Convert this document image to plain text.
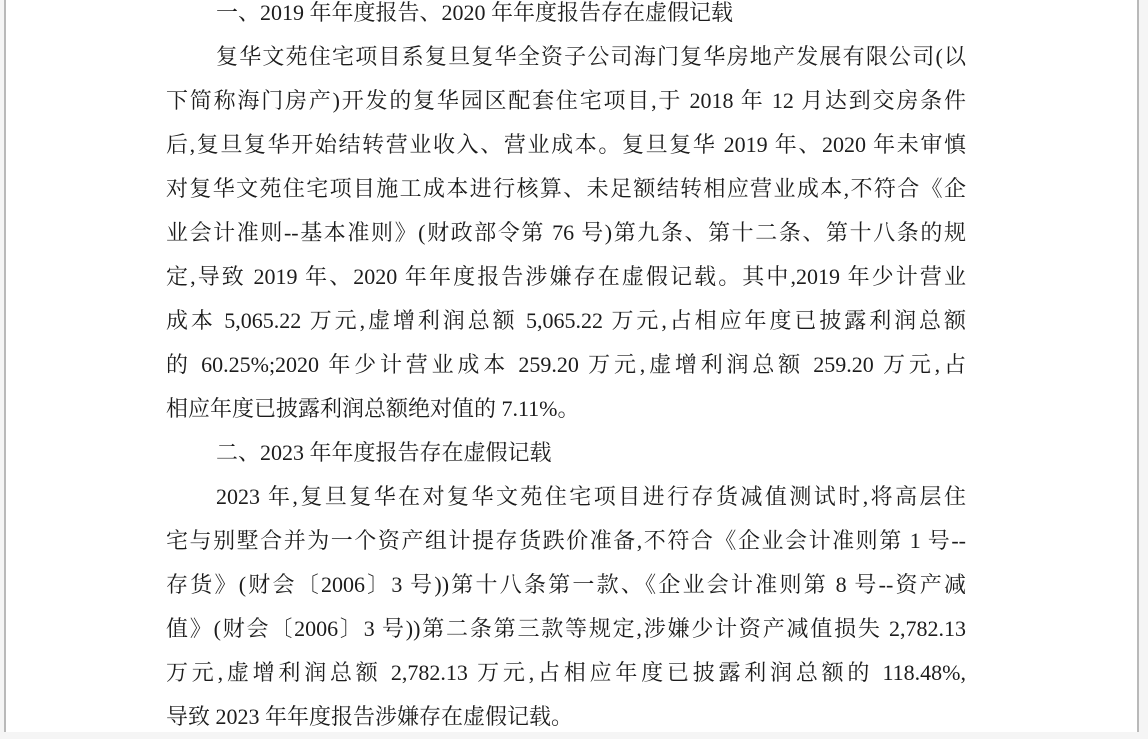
一、2019 年年度报告、2020 年年度报告存在虚假记载
复华文苑住宅项目系复旦复华全资子公司海门复华房地产发展有限公司(以
下简称海门房产)开发的复华园区配套住宅项目,于 2018 年 12 月达到交房条件
后,复旦复华开始结转营业收入、营业成本。复旦复华 2019 年、2020 年未审慎
对复华文苑住宅项目施工成本进行核算、未足额结转相应营业成本,不符合《企
业会计准则--基本准则》(财政部令第 76 号)第九条、第十二条、第十八条的规
定,导致 2019 年、2020 年年度报告涉嫌存在虚假记载。其中,2019 年少计营业
成本 5,065.22 万元,虚增利润总额 5,065.22 万元,占相应年度已披露利润总额
的 60.25%;2020 年少计营业成本 259.20 万元,虚增利润总额 259.20 万元,占
相应年度已披露利润总额绝对值的 7.11%。
二、2023 年年度报告存在虚假记载
2023 年,复旦复华在对复华文苑住宅项目进行存货减值测试时,将高层住
宅与别墅合并为一个资产组计提存货跌价准备,不符合《企业会计准则第 1 号--
存货》(财会〔2006〕3 号))第十八条第一款、《企业会计准则第 8 号--资产减
值》(财会〔2006〕3 号))第二条第三款等规定,涉嫌少计资产减值损失 2,782.13
万元,虚增利润总额 2,782.13 万元,占相应年度已披露利润总额的 118.48%,
导致 2023 年年度报告涉嫌存在虚假记载。
